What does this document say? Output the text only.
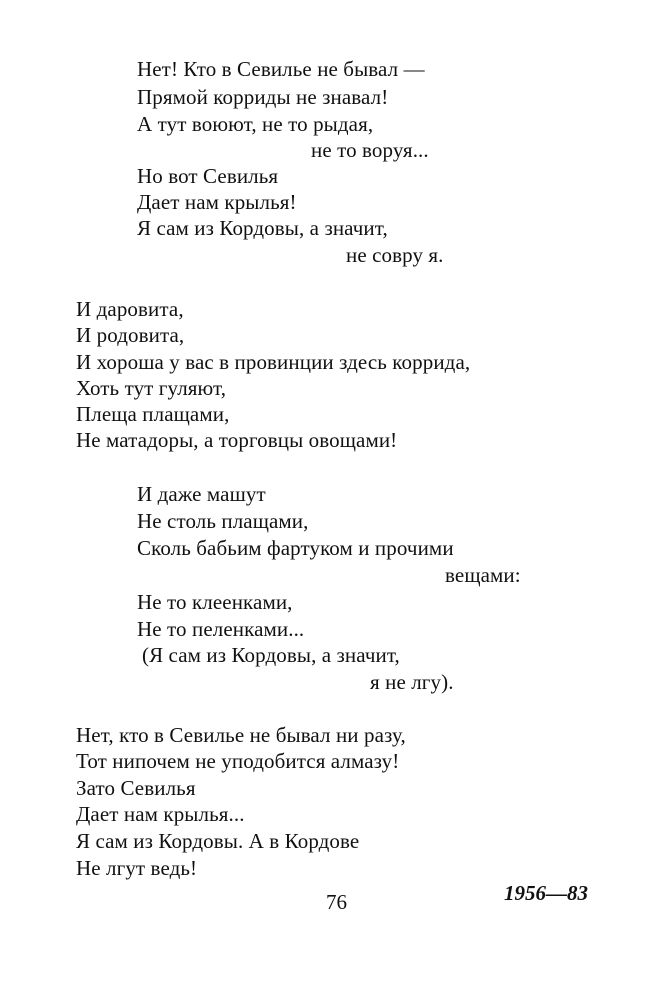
Нет! Кто в Севилье не бывал —
Прямой корриды не знавал!
А тут воюют, не то рыдая,
не то воруя...
Но вот Севилья
Дает нам крылья!
Я сам из Кордовы, а значит,
не совру я.
И даровита,
И родовита,
И хороша у вас в провинции здесь коррида,
Хоть тут гуляют,
Плеща плащами,
Не матадоры, а торговцы овощами!
И даже машут
Не столь плащами,
Сколь бабьим фартуком и прочими
вещами:
Не то клеенками,
Не то пеленками...
(Я сам из Кордовы, а значит,
я не лгу).
Нет, кто в Севилье не бывал ни разу,
Тот нипочем не уподобится алмазу!
Зато Севилья
Дает нам крылья...
Я сам из Кордовы. А в Кордове
Не лгут ведь!
1956—83
76
